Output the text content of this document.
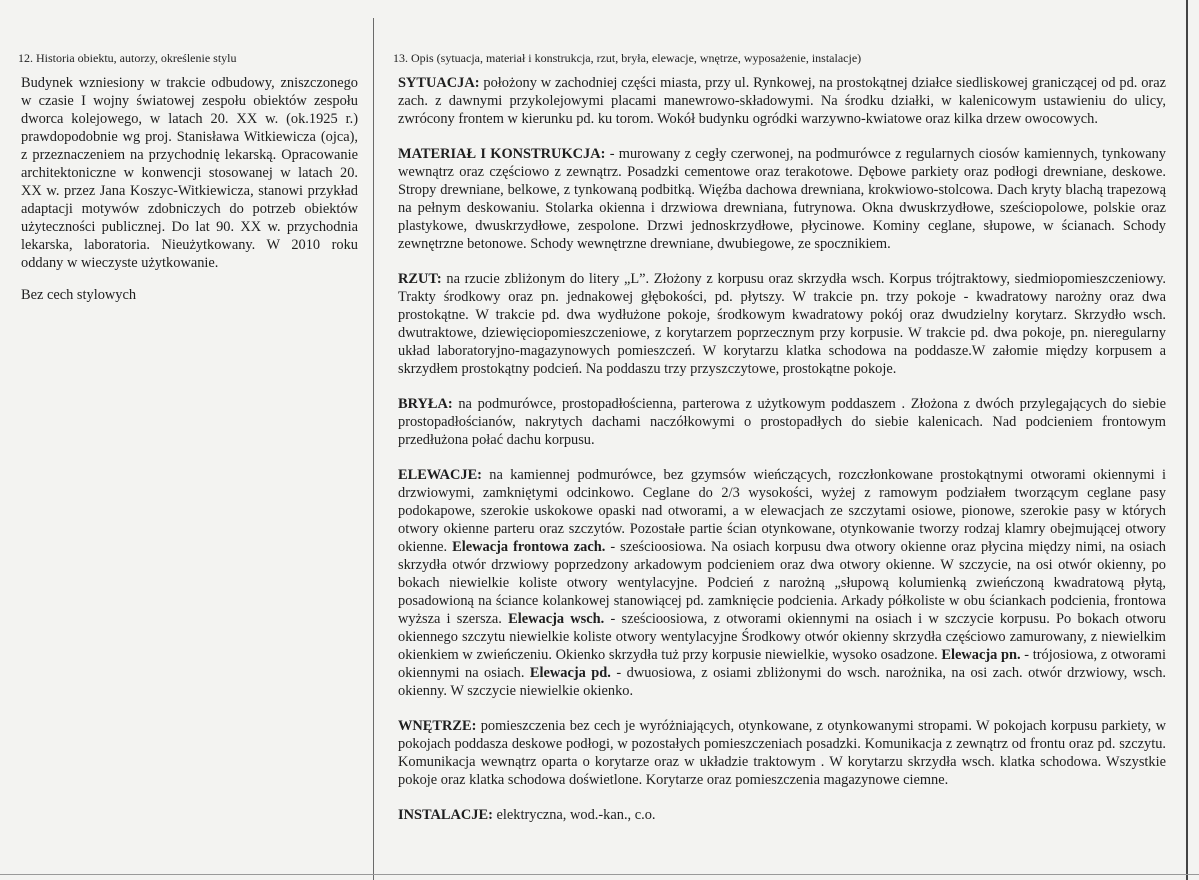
12. Historia obiektu, autorzy, określenie stylu

Budynek wzniesiony w trakcie odbudowy, zniszczonego w czasie I wojny światowej zespołu obiektów zespołu dworca kolejowego, w latach 20. XX w. (ok.1925 r.) prawdopodobnie wg proj. Stanisława Witkiewicza (ojca), z przeznaczeniem na przychodnię lekarską. Opracowanie architektoniczne w konwencji stosowanej w latach 20. XX w. przez Jana Koszyc-Witkiewicza, stanowi przykład adaptacji motywów zdobniczych do potrzeb obiektów użyteczności publicznej. Do lat 90. XX w. przychodnia lekarska, laboratoria. Nieużytkowany. W 2010 roku oddany w wieczyste użytkowanie.

Bez cech stylowych

13. Opis (sytuacja, materiał i konstrukcja, rzut, bryła, elewacje, wnętrze, wyposażenie, instalacje)

SYTUACJA: położony w zachodniej części miasta, przy ul. Rynkowej, na prostokątnej działce siedliskowej graniczącej od pd. oraz zach. z dawnymi przykolejowymi placami manewrowo-składowymi. Na środku działki, w kalenicowym ustawieniu do ulicy, zwrócony frontem w kierunku pd. ku torom. Wokół budynku ogródki warzywno-kwiatowe oraz kilka drzew owocowych.

MATERIAŁ I KONSTRUKCJA: - murowany z cegły czerwonej, na podmurówce z regularnych ciosów kamiennych, tynkowany wewnątrz oraz częściowo z zewnątrz. Posadzki cementowe oraz terakotowe. Dębowe parkiety oraz podłogi drewniane, deskowe. Stropy drewniane, belkowe, z tynkowaną podbitką. Więźba dachowa drewniana, krokwiowo-stolcowa. Dach kryty blachą trapezową na pełnym deskowaniu. Stolarka okienna i drzwiowa drewniana, futrynowa. Okna dwuskrzydłowe, sześciopolowe, polskie oraz plastykowe, dwuskrzydłowe, zespolone. Drzwi jednoskrzydłowe, płycinowe. Kominy ceglane, słupowe, w ścianach. Schody zewnętrzne betonowe. Schody wewnętrzne drewniane, dwubiegowe, ze spocznikiem.

RZUT: na rzucie zbliżonym do litery „L”. Złożony z korpusu oraz skrzydła wsch. Korpus trójtraktowy, siedmiopomieszczeniowy. Trakty środkowy oraz pn. jednakowej głębokości, pd. płytszy. W trakcie pn. trzy pokoje - kwadratowy narożny oraz dwa prostokątne. W trakcie pd. dwa wydłużone pokoje, środkowym kwadratowy pokój oraz dwudzielny korytarz. Skrzydło wsch. dwutraktowe, dziewięciopomieszczeniowe, z korytarzem poprzecznym przy korpusie. W trakcie pd. dwa pokoje, pn. nieregularny układ laboratoryjno-magazynowych pomieszczeń. W korytarzu klatka schodowa na poddasze.W załomie między korpusem a skrzydłem prostokątny podcień. Na poddaszu trzy przyszczytowe, prostokątne pokoje.

BRYŁA: na podmurówce, prostopadłościenna, parterowa z użytkowym poddaszem . Złożona z dwóch przylegających do siebie prostopadłościanów, nakrytych dachami naczółkowymi o prostopadłych do siebie kalenicach. Nad podcieniem frontowym przedłużona połać dachu korpusu.

ELEWACJE: na kamiennej podmurówce, bez gzymsów wieńczących, rozczłonkowane prostokątnymi otworami okiennymi i drzwiowymi, zamkniętymi odcinkowo. Ceglane do 2/3 wysokości, wyżej z ramowym podziałem tworzącym ceglane pasy podokapowe, szerokie uskokowe opaski nad otworami, a w elewacjach ze szczytami osiowe, pionowe, szerokie pasy w których otwory okienne parteru oraz szczytów. Pozostałe partie ścian otynkowane, otynkowanie tworzy rodzaj klamry obejmującej otwory okienne. Elewacja frontowa zach. - sześcioosiowa. Na osiach korpusu dwa otwory okienne oraz płycina między nimi, na osiach skrzydła otwór drzwiowy poprzedzony arkadowym podcieniem oraz dwa otwory okienne. W szczycie, na osi otwór okienny, po bokach niewielkie koliste otwory wentylacyjne. Podcień z narożną „słupową kolumienką zwieńczoną kwadratową płytą, posadowioną na ściance kolankowej stanowiącej pd. zamknięcie podcienia. Arkady półkoliste w obu ściankach podcienia, frontowa wyższa i szersza. Elewacja wsch. - sześcioosiowa, z otworami okiennymi na osiach i w szczycie korpusu. Po bokach otworu okiennego szczytu niewielkie koliste otwory wentylacyjne Środkowy otwór okienny skrzydła częściowo zamurowany, z niewielkim okienkiem w zwieńczeniu. Okienko skrzydła tuż przy korpusie niewielkie, wysoko osadzone. Elewacja pn. - trójosiowa, z otworami okiennymi na osiach. Elewacja pd. - dwuosiowa, z osiami zbliżonymi do wsch. narożnika, na osi zach. otwór drzwiowy, wsch. okienny. W szczycie niewielkie okienko.

WNĘTRZE: pomieszczenia bez cech je wyróżniających, otynkowane, z otynkowanymi stropami. W pokojach korpusu parkiety, w pokojach poddasza deskowe podłogi, w pozostałych pomieszczeniach posadzki. Komunikacja z zewnątrz od frontu oraz pd. szczytu. Komunikacja wewnątrz oparta o korytarze oraz w układzie traktowym . W korytarzu skrzydła wsch. klatka schodowa. Wszystkie pokoje oraz klatka schodowa doświetlone. Korytarze oraz pomieszczenia magazynowe ciemne.

INSTALACJE: elektryczna, wod.-kan., c.o.
